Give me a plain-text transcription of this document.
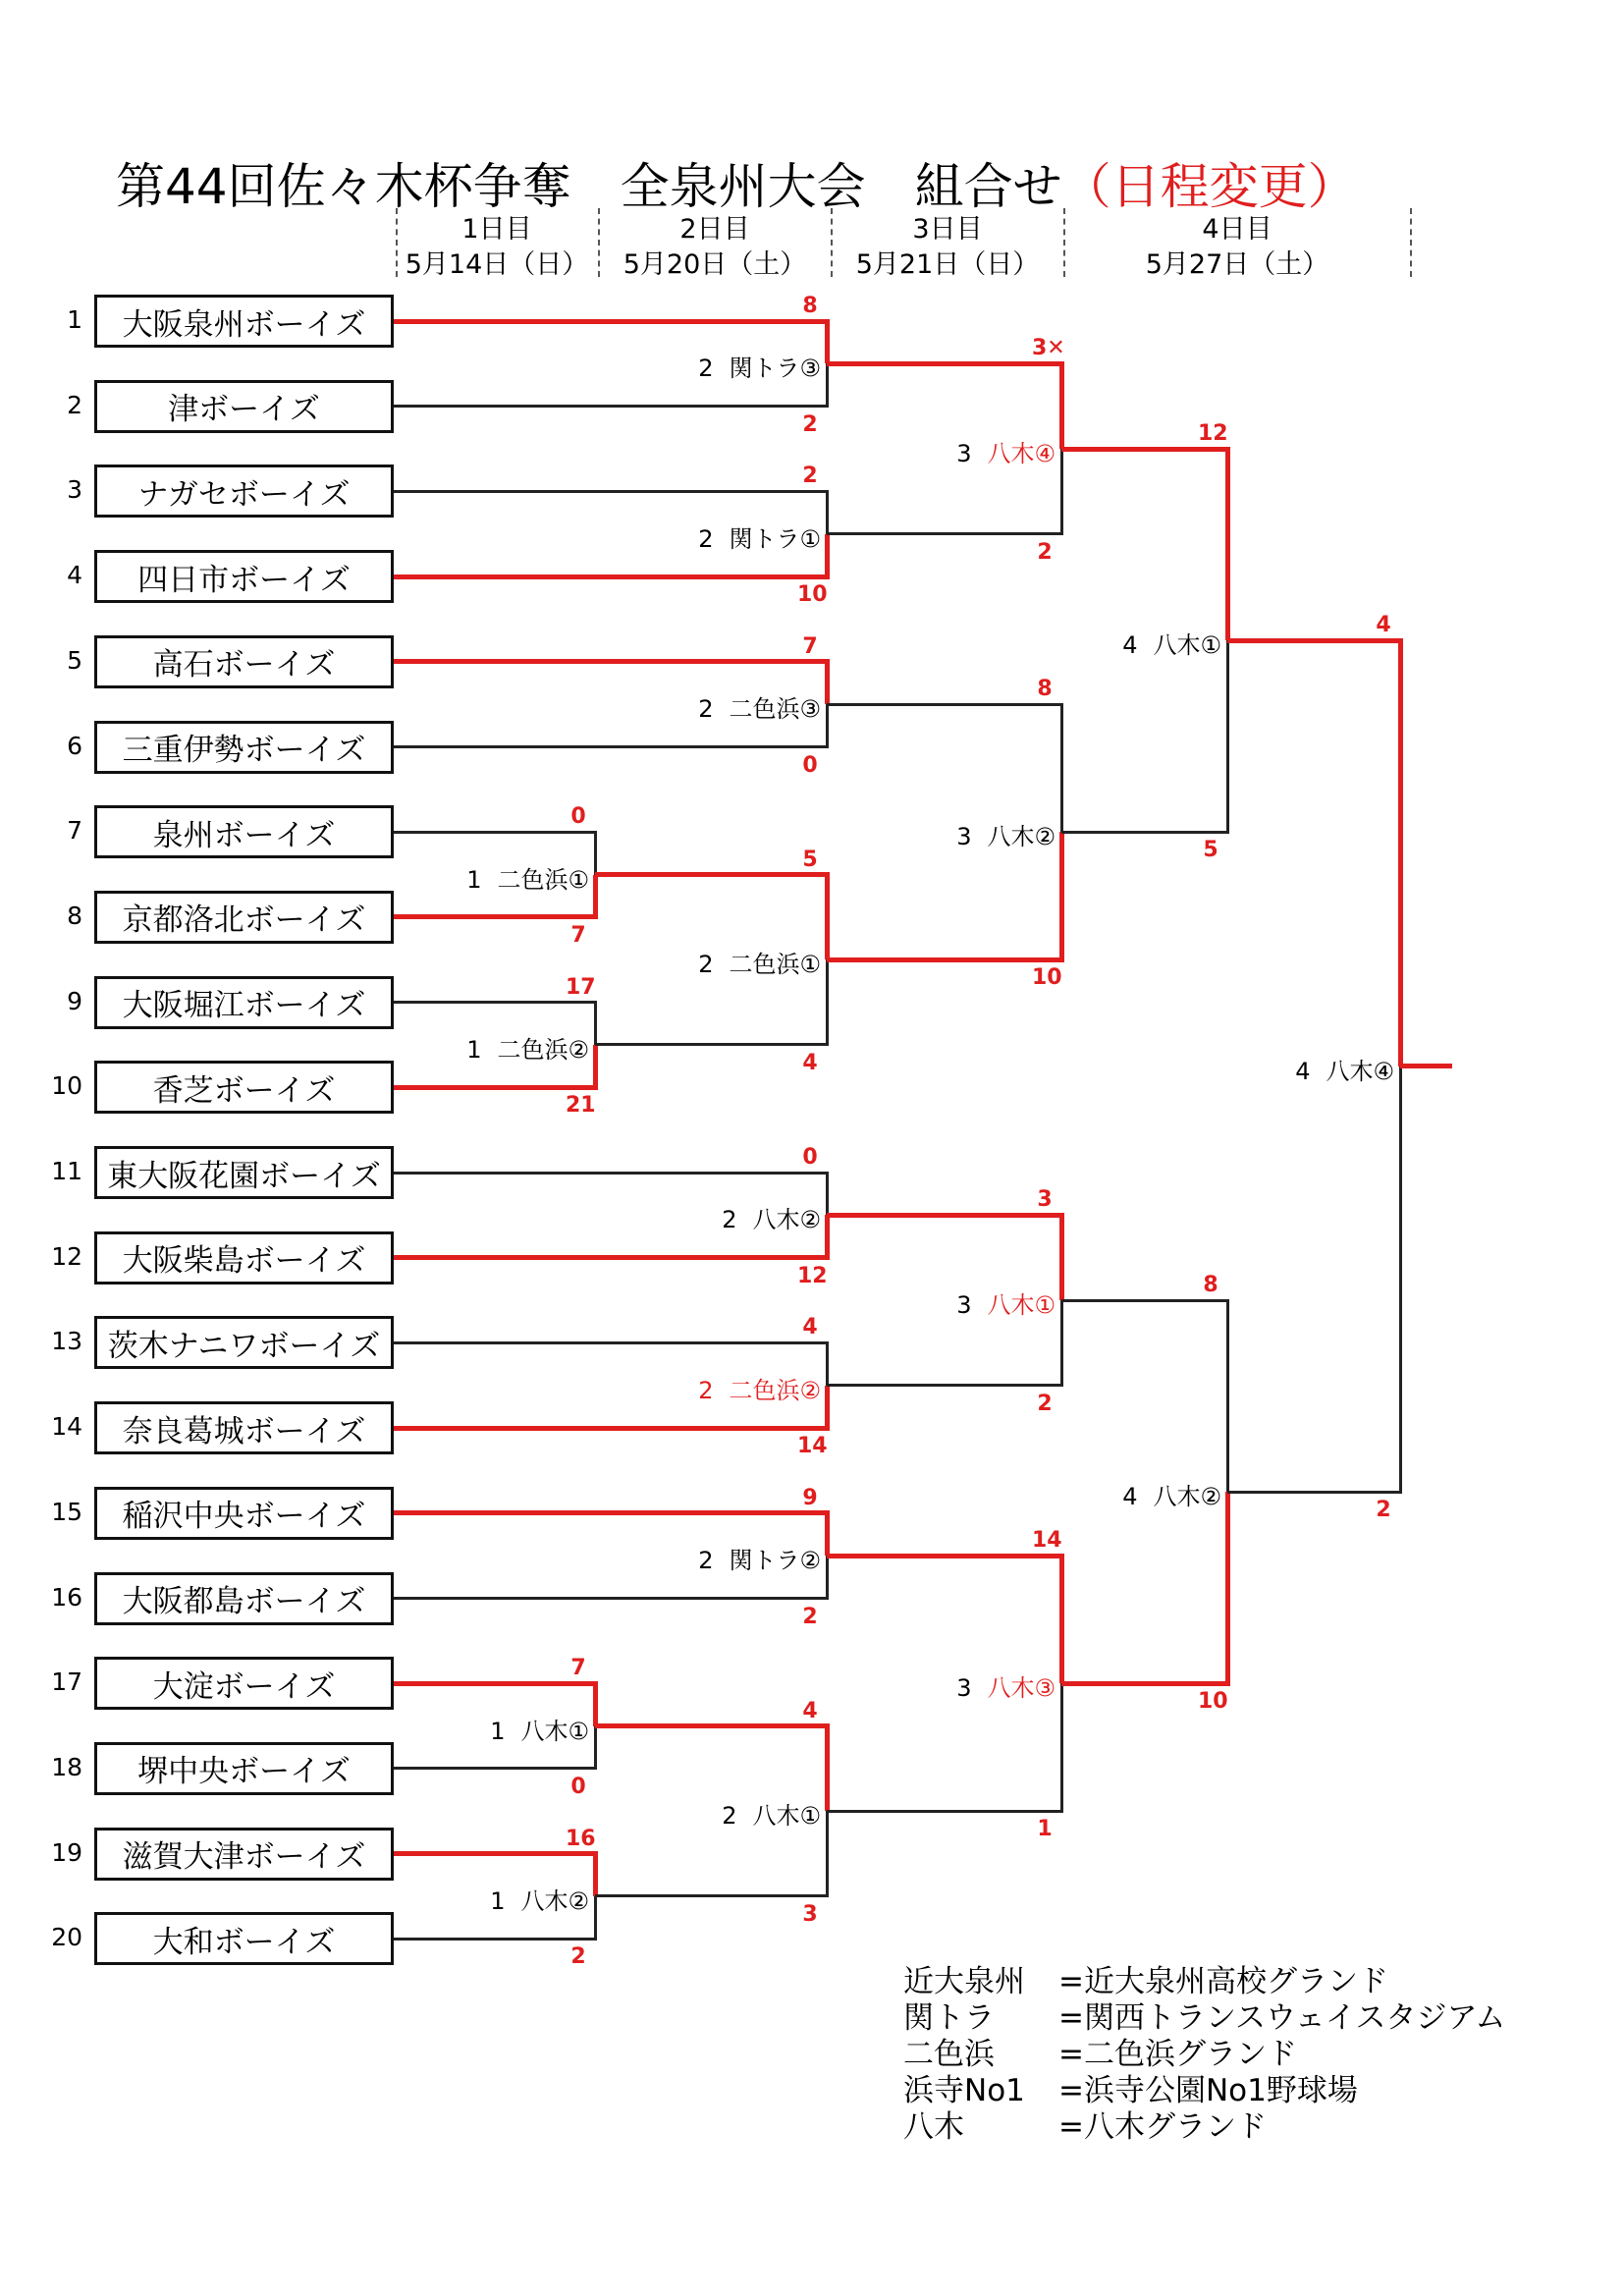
第44回佐々木杯争奪　全泉州大会　組合せ（日程変更）
1日目
5月14日（日）
2日目
5月20日（土）
3日目
5月21日（日）
4日目
5月27日（土）
1	大阪泉州ボーイズ
2	津ボーイズ
3	ナガセボーイズ
4	四日市ボーイズ
5	高石ボーイズ
6	三重伊勢ボーイズ
7	泉州ボーイズ
8	京都洛北ボーイズ
9	大阪堀江ボーイズ
10	香芝ボーイズ
11 東大阪花園ボーイズ
12	大阪柴島ボーイズ
13 茨木ナニワボーイズ
14	奈良葛城ボーイズ
15	稲沢中央ボーイズ
16	大阪都島ボーイズ
17	大淀ボーイズ
18	堺中央ボーイズ
19	滋賀大津ボーイズ
20	大和ボーイズ
0
7
1 二色浜①
17
21
1 二色浜②
7
0
1 八木①
16
2
1 八木②
8
2
2 関トラ③
2
10
2 関トラ①
7
0
2 二色浜③
5
4
2 二色浜①
0
12
2 八木②
4
14
2 二色浜②
9
2
2 関トラ②
4
3
2 八木①
3✕
2
3 八木④
8
10
3 八木②
3
2
3 八木①
14
1
3 八木③
12
5
4 八木①
8
10
4 八木②
4
2
4 八木④
近大泉州 =近大泉州高校グランド
関トラ =関西トランスウェイスタジアム
二色浜 =二色浜グランド
浜寺No1 =浜寺公園No1野球場
八木	=八木グランド
